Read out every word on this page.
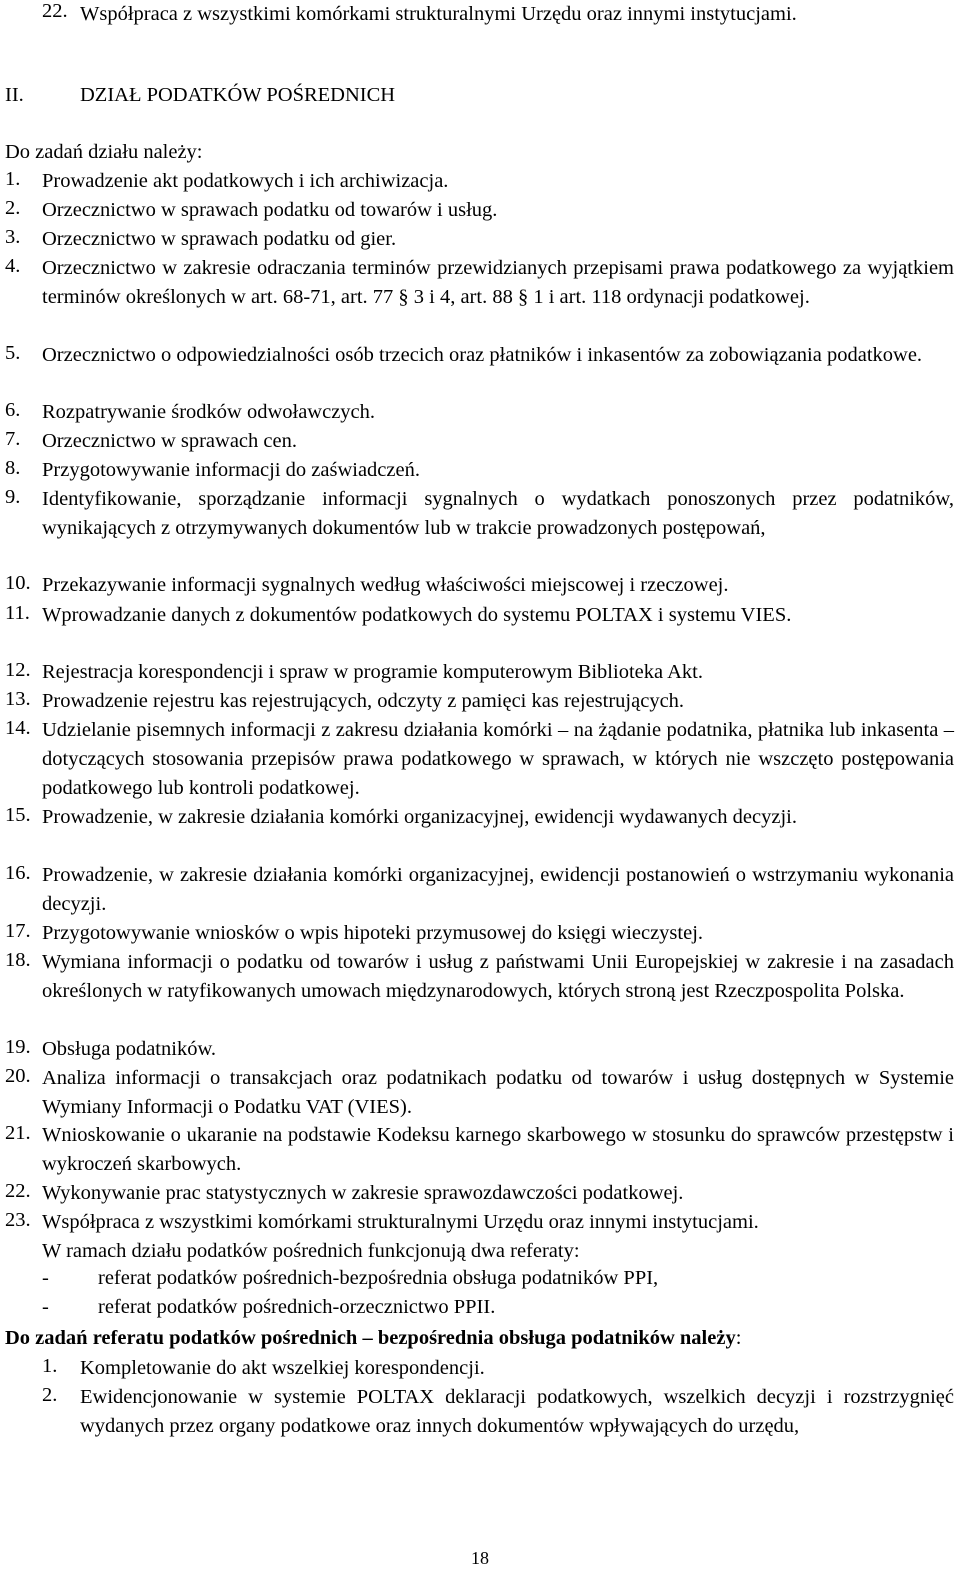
22. Współpraca z wszystkimi komórkami strukturalnymi Urzędu oraz innymi instytucjami.
II.	DZIAŁ PODATKÓW POŚREDNICH
Do zadań działu należy:
1. Prowadzenie akt podatkowych i ich archiwizacja.
2. Orzecznictwo w sprawach podatku od towarów i usług.
3. Orzecznictwo w sprawach podatku od gier.
4. Orzecznictwo w zakresie odraczania terminów przewidzianych przepisami prawa podatkowego za wyjątkiem terminów określonych w art. 68-71, art. 77 § 3 i 4, art. 88 § 1 i art. 118 ordynacji podatkowej.
5. Orzecznictwo o odpowiedzialności osób trzecich oraz płatników i inkasentów za zobowiązania podatkowe.
6. Rozpatrywanie środków odwoławczych.
7. Orzecznictwo w sprawach cen.
8. Przygotowywanie informacji do zaświadczeń.
9. Identyfikowanie, sporządzanie informacji sygnalnych o wydatkach ponoszonych przez podatników, wynikających z otrzymywanych dokumentów lub w trakcie prowadzonych postępowań,
10. Przekazywanie informacji sygnalnych według właściwości miejscowej i rzeczowej.
11. Wprowadzanie danych z dokumentów podatkowych do systemu POLTAX i systemu VIES.
12. Rejestracja korespondencji i spraw w programie komputerowym Biblioteka Akt.
13. Prowadzenie rejestru kas rejestrujących, odczyty z pamięci kas rejestrujących.
14. Udzielanie pisemnych informacji z zakresu działania komórki – na żądanie podatnika, płatnika lub inkasenta – dotyczących stosowania przepisów prawa podatkowego w sprawach, w których nie wszczęto postępowania podatkowego lub kontroli podatkowej.
15. Prowadzenie, w zakresie działania komórki organizacyjnej, ewidencji wydawanych decyzji.
16. Prowadzenie, w zakresie działania komórki organizacyjnej, ewidencji postanowień o wstrzymaniu wykonania decyzji.
17. Przygotowywanie wniosków o wpis hipoteki przymusowej do księgi wieczystej.
18. Wymiana informacji o podatku od towarów i usług z państwami Unii Europejskiej w zakresie i na zasadach określonych w ratyfikowanych umowach międzynarodowych, których stroną jest Rzeczpospolita Polska.
19. Obsługa podatników.
20. Analiza informacji o transakcjach oraz podatnikach podatku od towarów i usług dostępnych w Systemie Wymiany Informacji o Podatku VAT (VIES).
21. Wnioskowanie o ukaranie na podstawie Kodeksu karnego skarbowego w stosunku do sprawców przestępstw i wykroczeń skarbowych.
22. Wykonywanie prac statystycznych w zakresie sprawozdawczości podatkowej.
23. Współpraca z wszystkimi komórkami strukturalnymi Urzędu oraz innymi instytucjami.
W ramach działu podatków pośrednich funkcjonują dwa referaty:
- referat podatków pośrednich-bezpośrednia obsługa podatników PPI,
- referat podatków pośrednich-orzecznictwo PPII.
Do zadań referatu podatków pośrednich – bezpośrednia obsługa podatników należy:
1. Kompletowanie do akt wszelkiej korespondencji.
2. Ewidencjonowanie w systemie POLTAX deklaracji podatkowych, wszelkich decyzji i rozstrzygnięć wydanych przez organy podatkowe oraz innych dokumentów wpływających do urzędu,
18
